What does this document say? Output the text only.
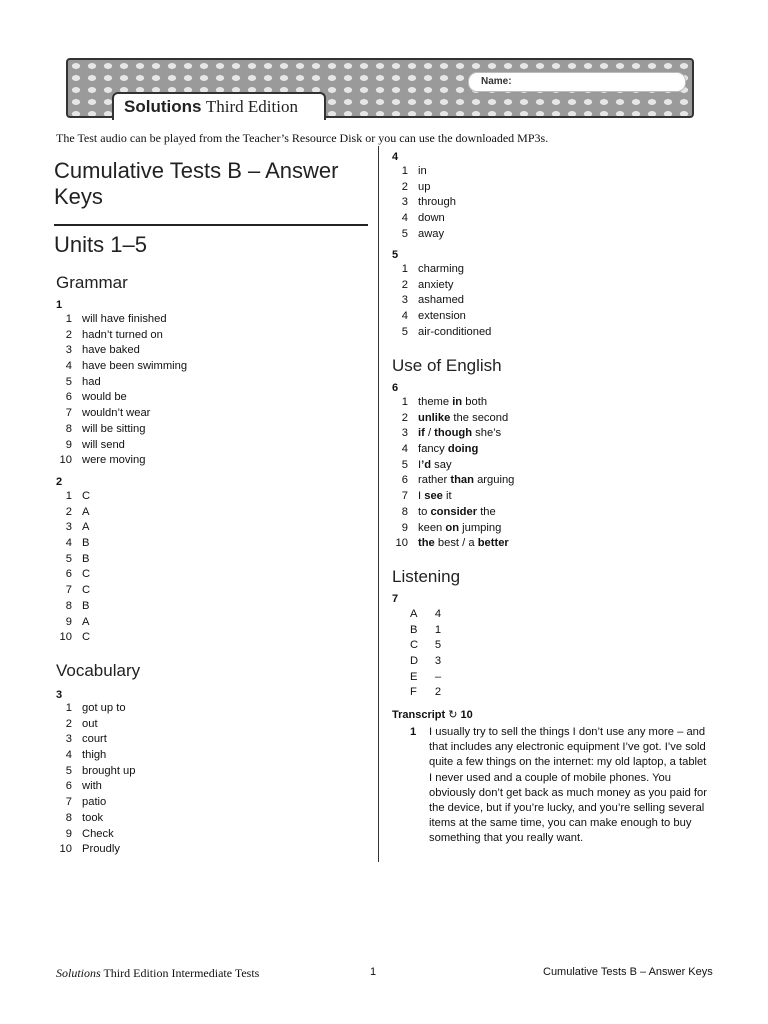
Name:
Solutions Third Edition
The Test audio can be played from the Teacher’s Resource Disk or you can use the downloaded MP3s.
Cumulative Tests B – Answer Keys
Units 1–5
Grammar
1
1 will have finished
2 hadn’t turned on
3 have baked
4 have been swimming
5 had
6 would be
7 wouldn’t wear
8 will be sitting
9 will send
10 were moving
2
1 C
2 A
3 A
4 B
5 B
6 C
7 C
8 B
9 A
10 C
Vocabulary
3
1 got up to
2 out
3 court
4 thigh
5 brought up
6 with
7 patio
8 took
9 Check
10 Proudly
4
1 in
2 up
3 through
4 down
5 away
5
1 charming
2 anxiety
3 ashamed
4 extension
5 air-conditioned
Use of English
6
1 theme in both
2 unlike the second
3 if / though she’s
4 fancy doing
5 I’d say
6 rather than arguing
7 I see it
8 to consider the
9 keen on jumping
10 the best / a better
Listening
7
A 4
B 1
C 5
D 3
E –
F 2
Transcript ↻ 10
1 I usually try to sell the things I don’t use any more – and that includes any electronic equipment I’ve got. I’ve sold quite a few things on the internet: my old laptop, a tablet I never used and a couple of mobile phones. You obviously don’t get back as much money as you paid for the device, but if you’re lucky, and you’re selling several items at the same time, you can make enough to buy something that you really want.
Solutions Third Edition Intermediate Tests	1	Cumulative Tests B – Answer Keys
